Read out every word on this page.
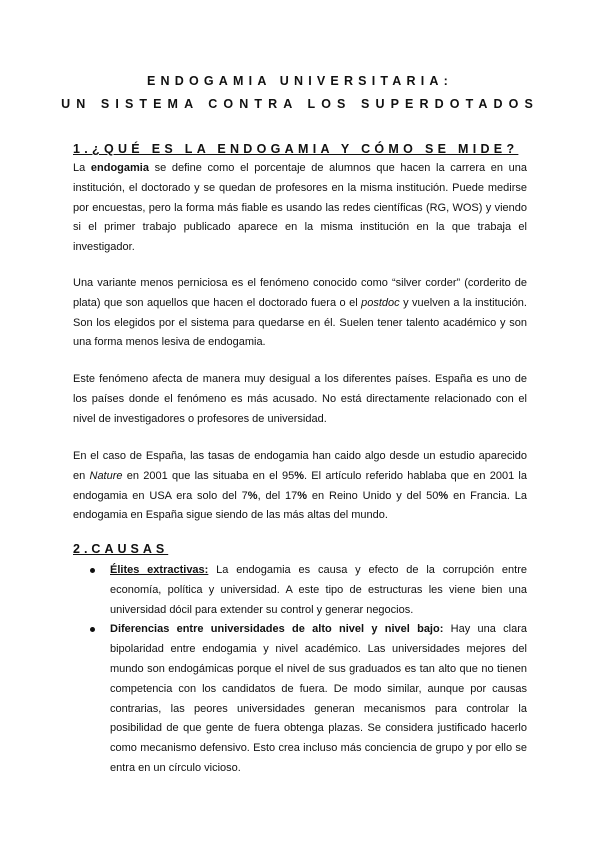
ENDOGAMIA UNIVERSITARIA:
UN SISTEMA CONTRA LOS SUPERDOTADOS
1.¿QUÉ ES LA ENDOGAMIA Y CÓMO SE MIDE?

La endogamia se define como el porcentaje de alumnos que hacen la carrera en una institución, el doctorado y se quedan de profesores en la misma institución. Puede medirse por encuestas, pero la forma más fiable es usando las redes científicas (RG, WOS) y viendo si el primer trabajo publicado aparece en la misma institución en la que trabaja el investigador.

Una variante menos perniciosa es el fenómeno conocido como “silver corder” (corderito de plata) que son aquellos que hacen el doctorado fuera o el postdoc y vuelven a la institución. Son los elegidos por el sistema para quedarse en él. Suelen tener talento académico y son una forma menos lesiva de endogamia.

Este fenómeno afecta de manera muy desigual a los diferentes países. España es uno de los países donde el fenómeno es más acusado. No está directamente relacionado con el nivel de investigadores o profesores de universidad.

En el caso de España, las tasas de endogamia han caido algo desde un estudio aparecido en Nature en 2001 que las situaba en el 95%. El artículo referido hablaba que en 2001 la endogamia en USA era solo del 7%, del 17% en Reino Unido y del 50% en Francia. La endogamia en España sigue siendo de las más altas del mundo.

2.CAUSAS
Élites extractivas: La endogamia es causa y efecto de la corrupción entre economía, política y universidad. A este tipo de estructuras les viene bien una universidad dócil para extender su control y generar negocios.
Diferencias entre universidades de alto nivel y nivel bajo: Hay una clara bipolaridad entre endogamia y nivel académico. Las universidades mejores del mundo son endogámicas porque el nivel de sus graduados es tan alto que no tienen competencia con los candidatos de fuera. De modo similar, aunque por causas contrarias, las peores universidades generan mecanismos para controlar la posibilidad de que gente de fuera obtenga plazas. Se considera justificado hacerlo como mecanismo defensivo. Esto crea incluso más conciencia de grupo y por ello se entra en un círculo vicioso.
